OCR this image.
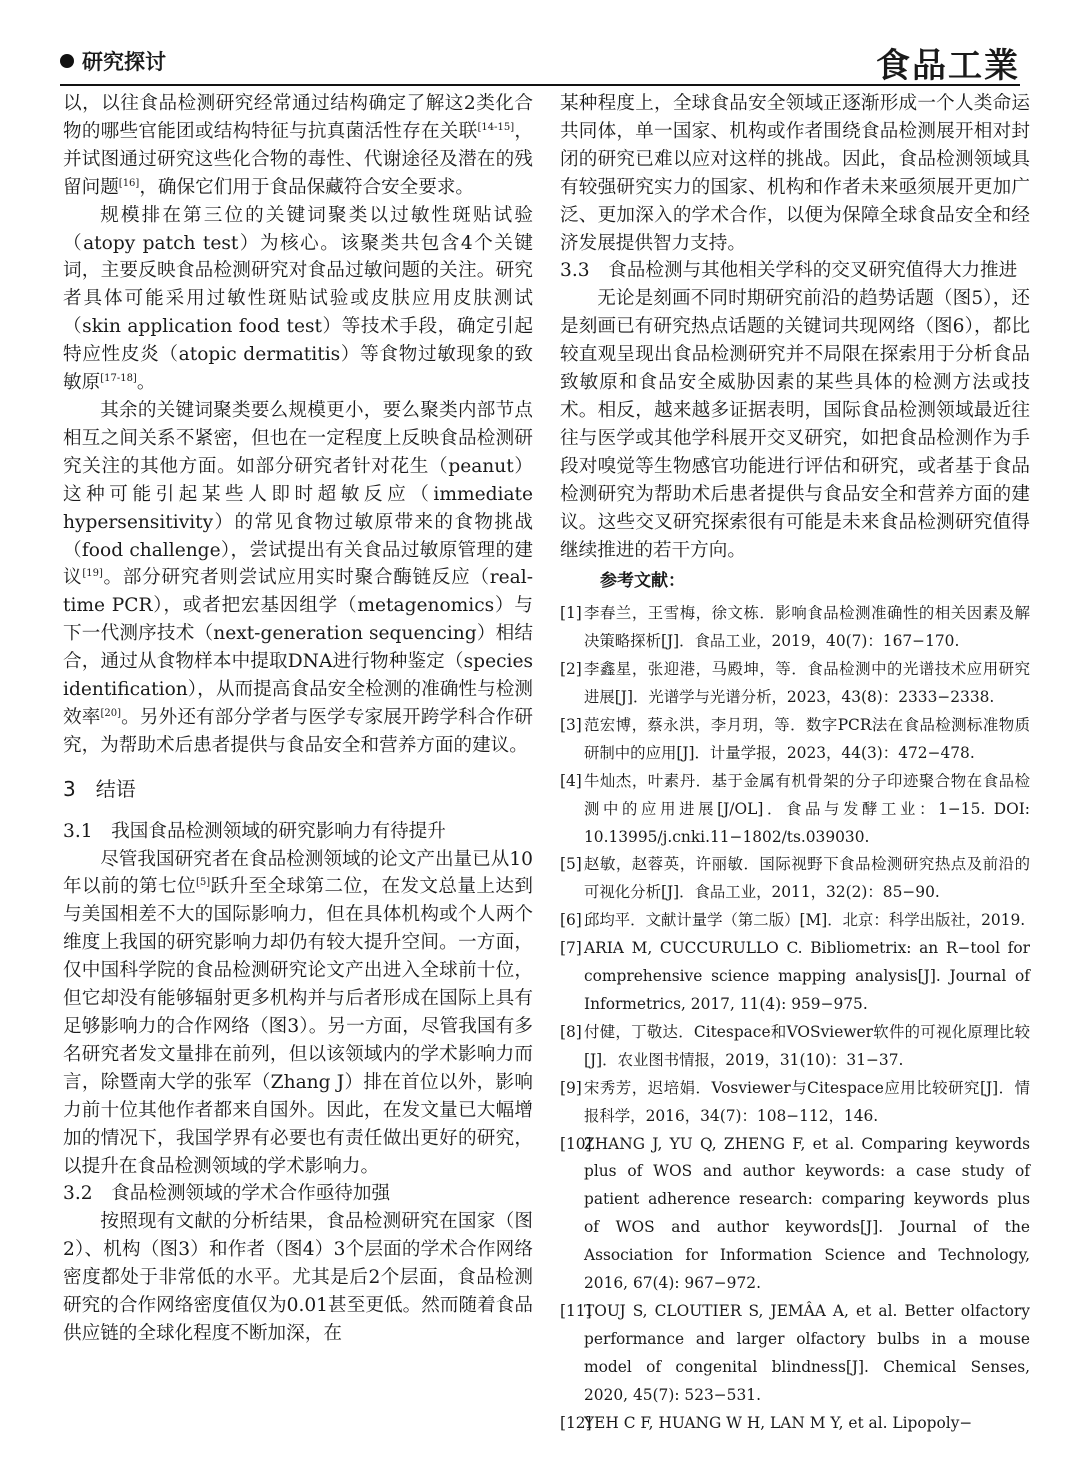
研究探讨	食品工業

以，以往食品检测研究经常通过结构确定了解这2类化合物的哪些官能团或结构特征与抗真菌活性存在关联[14-15]，并试图通过研究这些化合物的毒性、代谢途径及潜在的残留问题[16]，确保它们用于食品保藏符合安全要求。

规模排在第三位的关键词聚类以过敏性斑贴试验（atopy patch test）为核心。该聚类共包含4个关键词，主要反映食品检测研究对食品过敏问题的关注。研究者具体可能采用过敏性斑贴试验或皮肤应用皮肤测试（skin application food test）等技术手段，确定引起特应性皮炎（atopic dermatitis）等食物过敏现象的致敏原[17-18]。

其余的关键词聚类要么规模更小，要么聚类内部节点相互之间关系不紧密，但也在一定程度上反映食品检测研究关注的其他方面。如部分研究者针对花生（peanut）这种可能引起某些人即时超敏反应（immediate hypersensitivity）的常见食物过敏原带来的食物挑战（food challenge），尝试提出有关食品过敏原管理的建议[19]。部分研究者则尝试应用实时聚合酶链反应（real-time PCR），或者把宏基因组学（metagenomics）与下一代测序技术（next-generation sequencing）相结合，通过从食物样本中提取DNA进行物种鉴定（species identification），从而提高食品安全检测的准确性与检测效率[20]。另外还有部分学者与医学专家展开跨学科合作研究，为帮助术后患者提供与食品安全和营养方面的建议。

3　结语

3.1　我国食品检测领域的研究影响力有待提升

尽管我国研究者在食品检测领域的论文产出量已从10年以前的第七位[5]跃升至全球第二位，在发文总量上达到与美国相差不大的国际影响力，但在具体机构或个人两个维度上我国的研究影响力却仍有较大提升空间。一方面，仅中国科学院的食品检测研究论文产出进入全球前十位，但它却没有能够辐射更多机构并与后者形成在国际上具有足够影响力的合作网络（图3）。另一方面，尽管我国有多名研究者发文量排在前列，但以该领域内的学术影响力而言，除暨南大学的张军（Zhang J）排在首位以外，影响力前十位其他作者都来自国外。因此，在发文量已大幅增加的情况下，我国学界有必要也有责任做出更好的研究，以提升在食品检测领域的学术影响力。

3.2　食品检测领域的学术合作亟待加强

按照现有文献的分析结果，食品检测研究在国家（图2）、机构（图3）和作者（图4）3个层面的学术合作网络密度都处于非常低的水平。尤其是后2个层面，食品检测研究的合作网络密度值仅为0.01甚至更低。然而随着食品供应链的全球化程度不断加深，在

某种程度上，全球食品安全领域正逐渐形成一个人类命运共同体，单一国家、机构或作者围绕食品检测展开相对封闭的研究已难以应对这样的挑战。因此，食品检测领域具有较强研究实力的国家、机构和作者未来亟须展开更加广泛、更加深入的学术合作，以便为保障全球食品安全和经济发展提供智力支持。

3.3　食品检测与其他相关学科的交叉研究值得大力推进

无论是刻画不同时期研究前沿的趋势话题（图5），还是刻画已有研究热点话题的关键词共现网络（图6），都比较直观呈现出食品检测研究并不局限在探索用于分析食品致敏原和食品安全威胁因素的某些具体的检测方法或技术。相反，越来越多证据表明，国际食品检测领域最近往往与医学或其他学科展开交叉研究，如把食品检测作为手段对嗅觉等生物感官功能进行评估和研究，或者基于食品检测研究为帮助术后患者提供与食品安全和营养方面的建议。这些交叉研究探索很有可能是未来食品检测研究值得继续推进的若干方向。

参考文献：
[1] 李春兰，王雪梅，徐文栋．影响食品检测准确性的相关因素及解决策略探析[J]．食品工业，2019，40(7)：167−170.
[2] 李鑫星，张迎港，马殿坤，等．食品检测中的光谱技术应用研究进展[J]．光谱学与光谱分析，2023，43(8)：2333−2338.
[3] 范宏博，蔡永洪，李月玥，等．数字PCR法在食品检测标准物质研制中的应用[J]．计量学报，2023，44(3)：472−478.
[4] 牛灿杰，叶素丹．基于金属有机骨架的分子印迹聚合物在食品检测中的应用进展[J/OL]．食品与发酵工业：1−15. DOI: 10.13995/j.cnki.11−1802/ts.039030.
[5] 赵敏，赵蓉英，许丽敏．国际视野下食品检测研究热点及前沿的可视化分析[J]．食品工业，2011，32(2)：85−90.
[6] 邱均平．文献计量学（第二版）[M]．北京：科学出版社，2019.
[7] ARIA M, CUCCURULLO C. Bibliometrix: an R−tool for comprehensive science mapping analysis[J]. Journal of Informetrics, 2017, 11(4): 959−975.
[8] 付健，丁敬达．Citespace和VOSviewer软件的可视化原理比较[J]．农业图书情报，2019，31(10)：31−37.
[9] 宋秀芳，迟培娟．Vosviewer与Citespace应用比较研究[J]．情报科学，2016，34(7)：108−112，146.
[10]
ZHANG J, YU Q, ZHENG F, et al. Comparing keywords plus of WOS and author keywords: a case study of patient adherence research: comparing keywords plus of WOS and author keywords[J]. Journal of the Association for Information Science and Technology, 2016, 67(4): 967−972.
[11]
TOUJ S, CLOUTIER S, JEMÂA A, et al. Better olfactory performance and larger olfactory bulbs in a mouse model of congenital blindness[J]. Chemical Senses, 2020, 45(7): 523−531.
[12]
YEH C F, HUANG W H, LAN M Y, et al. Lipopoly−
